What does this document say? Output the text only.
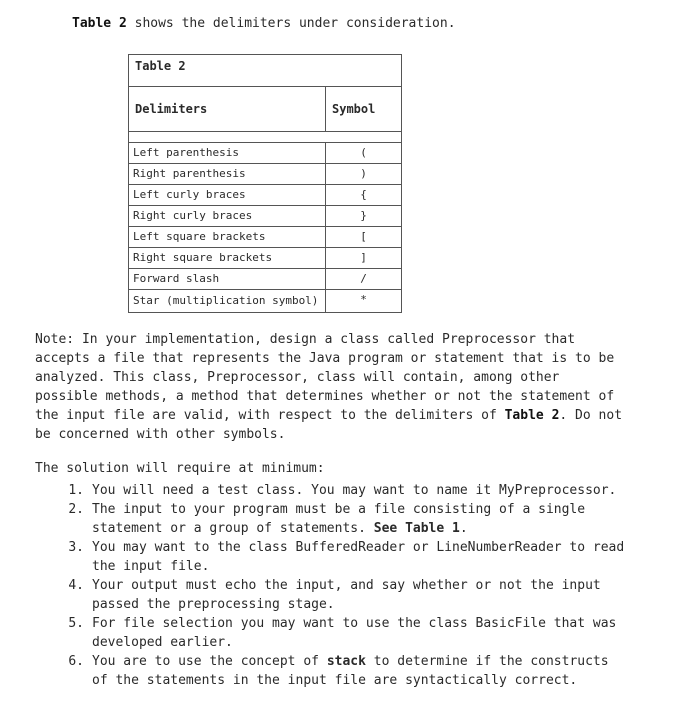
Table 2 shows the delimiters under consideration.
Table 2
Delimiters	Symbol
Left parenthesis	(
Right parenthesis	)
Left curly braces	{
Right curly braces	}
Left square brackets	[
Right square brackets	]
Forward slash	/
Star (multiplication symbol)	*
Note: In your implementation, design a class called Preprocessor that accepts a file that represents the Java program or statement that is to be analyzed. This class, Preprocessor, class will contain, among other possible methods, a method that determines whether or not the statement of the input file are valid, with respect to the delimiters of Table 2. Do not be concerned with other symbols.
The solution will require at minimum:
1. You will need a test class. You may want to name it MyPreprocessor.
2. The input to your program must be a file consisting of a single statement or a group of statements. See Table 1.
3. You may want to the class BufferedReader or LineNumberReader to read the input file.
4. Your output must echo the input, and say whether or not the input passed the preprocessing stage.
5. For file selection you may want to use the class BasicFile that was developed earlier.
6. You are to use the concept of stack to determine if the constructs of the statements in the input file are syntactically correct.
